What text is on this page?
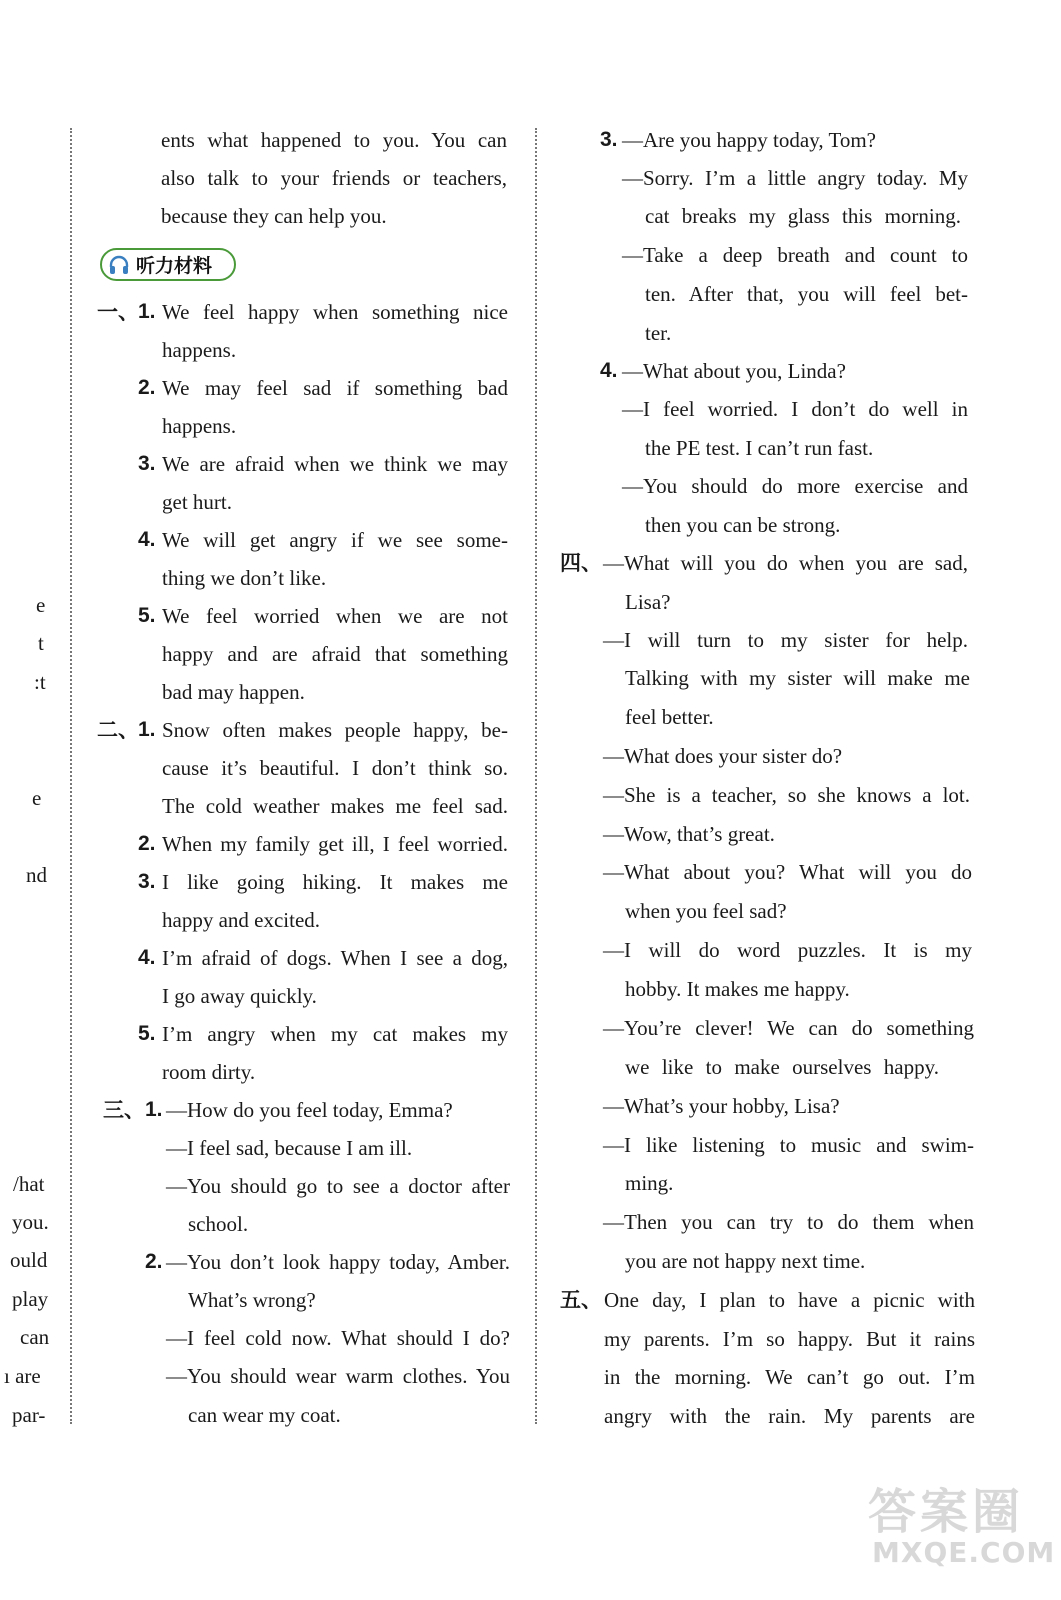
e
t
:t
e
nd
/hat
you.
ould
play
can
ı are
par-
ents what happened to you. You can
also talk to your friends or teachers,
because they can help you.
听力材料
一、 1. We feel happy when something nice
happens.
2. We may feel sad if something bad
happens.
3. We are afraid when we think we may
get hurt.
4. We will get angry if we see some-
thing we don’t like.
5. We feel worried when we are not
happy and are afraid that something
bad may happen.
二、 1. Snow often makes people happy, be-
cause it’s beautiful. I don’t think so.
The cold weather makes me feel sad.
2. When my family get ill, I feel worried.
3. I like going hiking. It makes me
happy and excited.
4. I’m afraid of dogs. When I see a dog,
I go away quickly.
5. I’m angry when my cat makes my
room dirty.
三、 1. —How do you feel today, Emma?
—I feel sad, because I am ill.
—You should go to see a doctor after
school.
2. —You don’t look happy today, Amber.
What’s wrong?
—I feel cold now. What should I do?
—You should wear warm clothes. You
can wear my coat.
3. —Are you happy today, Tom?
—Sorry. I’m a little angry today. My
cat breaks my glass this morning.
—Take a deep breath and count to
ten. After that, you will feel bet-
ter.
4. —What about you, Linda?
—I feel worried. I don’t do well in
the PE test. I can’t run fast.
—You should do more exercise and
then you can be strong.
四、 —What will you do when you are sad,
Lisa?
—I will turn to my sister for help.
Talking with my sister will make me
feel better.
—What does your sister do?
—She is a teacher, so she knows a lot.
—Wow, that’s great.
—What about you? What will you do
when you feel sad?
—I will do word puzzles. It is my
hobby. It makes me happy.
—You’re clever! We can do something
we like to make ourselves happy.
—What’s your hobby, Lisa?
—I like listening to music and swim-
ming.
—Then you can try to do them when
you are not happy next time.
五、 One day, I plan to have a picnic with
my parents. I’m so happy. But it rains
in the morning. We can’t go out. I’m
angry with the rain. My parents are
答案圈
MXQE.COM
